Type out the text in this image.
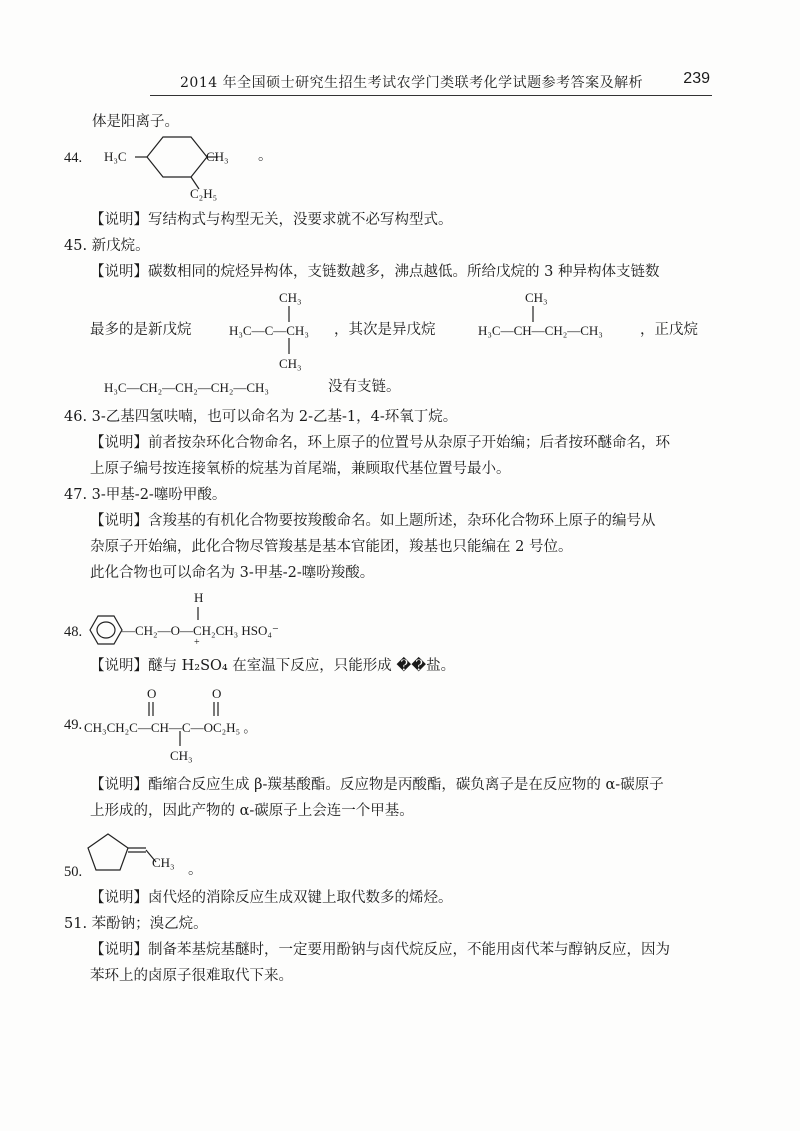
2014 年全国硕士研究生招生考试农学门类联考化学试题参考答案及解析	239
体是阳离子。
44. H₃C	CH₃ 。
C₂H₅
【说明】写结构式与构型无关，没要求就不必写构型式。
45. 新戊烷。
【说明】碳数相同的烷烃异构体，支链数越多，沸点越低。所给戊烷的 3 种异构体支链数
CH₃	CH₃
最多的是新戊烷	H₃C—C—CH₃ ，其次是异戊烷	H₃C—CH—CH₂—CH₃	，正戊烷
CH₃
H₃C—CH₂—CH₂—CH₂—CH₃	没有支链。
46. 3-乙基四氢呋喃，也可以命名为 2-乙基-1，4-环氧丁烷。
【说明】前者按杂环化合物命名，环上原子的位置号从杂原子开始编；后者按环醚命名，环
上原子编号按连接氧桥的烷基为首尾端，兼顾取代基位置号最小。
47. 3-甲基-2-噻吩甲酸。
【说明】含羧基的有机化合物要按羧酸命名。如上题所述，杂环化合物环上原子的编号从
杂原子开始编，此化合物尽管羧基是基本官能团，羧基也只能编在 2 号位。
此化合物也可以命名为 3-甲基-2-噻吩羧酸。
H
48.	—CH₂—O—CH₂CH₃ HSO₄⁻
+
【说明】醚与 H₂SO₄ 在室温下反应，只能形成 ��盐。
O	O
49. CH₃CH₂C—CH—C—OC₂H₅ 。
CH₃
【说明】酯缩合反应生成 β-羰基酸酯。反应物是丙酸酯，碳负离子是在反应物的 α-碳原子
上形成的，因此产物的 α-碳原子上会连一个甲基。
CH₃ 。
50.
【说明】卤代烃的消除反应生成双键上取代数多的烯烃。
51. 苯酚钠；溴乙烷。
【说明】制备苯基烷基醚时，一定要用酚钠与卤代烷反应，不能用卤代苯与醇钠反应，因为
苯环上的卤原子很难取代下来。
